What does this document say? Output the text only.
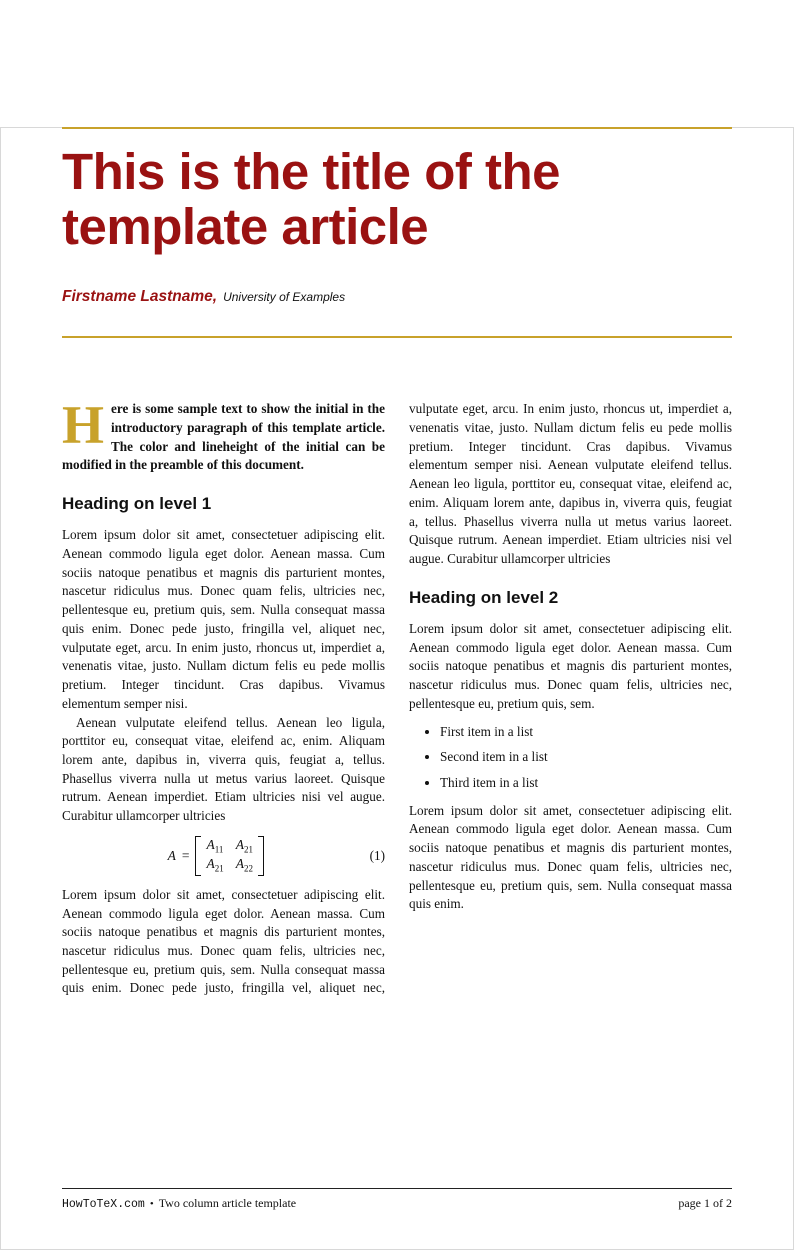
This is the title of the
template article
Firstname Lastname, University of Examples

Here is some sample text to show the initial in the introductory paragraph of this template article. The color and lineheight of the initial can be modified in the preamble of this document.

Heading on level 1

Lorem ipsum dolor sit amet, consectetuer adipiscing elit. Aenean commodo ligula eget dolor. Aenean massa. Cum sociis natoque penatibus et magnis dis parturient montes, nascetur ridiculus mus. Donec quam felis, ultricies nec, pellentesque eu, pretium quis, sem. Nulla consequat massa quis enim. Donec pede justo, fringilla vel, aliquet nec, vulputate eget, arcu. In enim justo, rhoncus ut, imperdiet a, venenatis vitae, justo. Nullam dictum felis eu pede mollis pretium. Integer tincidunt. Cras dapibus. Vivamus elementum semper nisi.

Aenean vulputate eleifend tellus. Aenean leo ligula, porttitor eu, consequat vitae, eleifend ac, enim. Aliquam lorem ante, dapibus in, viverra quis, feugiat a, tellus. Phasellus viverra nulla ut metus varius laoreet. Quisque rutrum. Aenean imperdiet. Etiam ultricies nisi vel augue. Curabitur ullamcorper ultricies

A =
$A_{11}$ $A_{21}$
$A_{21}$ $A_{22}$
(1)

Lorem ipsum dolor sit amet, consectetuer adipiscing elit. Aenean commodo ligula eget dolor. Aenean massa. Cum sociis natoque penatibus et magnis dis parturient montes, nascetur ridiculus mus. Donec quam felis, ultricies nec, pellentesque eu, pretium quis, sem. Nulla consequat massa quis enim. Donec pede justo, fringilla vel, aliquet nec, vulputate eget, arcu. In enim justo, rhoncus ut, imperdiet a, venenatis vitae, justo. Nullam dictum felis eu pede mollis pretium. Integer tincidunt. Cras dapibus. Vivamus elementum semper nisi. Aenean vulputate eleifend tellus. Aenean leo ligula, porttitor eu, consequat vitae, eleifend ac, enim. Aliquam lorem ante, dapibus in, viverra quis, feugiat a, tellus. Phasellus viverra nulla ut metus varius laoreet. Quisque rutrum. Aenean imperdiet. Etiam ultricies nisi vel augue. Curabitur ullamcorper ultricies

Heading on level 2

Lorem ipsum dolor sit amet, consectetuer adipiscing elit. Aenean commodo ligula eget dolor. Aenean massa. Cum sociis natoque penatibus et magnis dis parturient montes, nascetur ridiculus mus. Donec quam felis, ultricies nec, pellentesque eu, pretium quis, sem.

• First item in a list
• Second item in a list
• Third item in a list

Lorem ipsum dolor sit amet, consectetuer adipiscing elit. Aenean commodo ligula eget dolor. Aenean massa. Cum sociis natoque penatibus et magnis dis parturient montes, nascetur ridiculus mus. Donec quam felis, ultricies nec, pellentesque eu, pretium quis, sem. Nulla consequat massa quis enim.

HowToTeX.com • Two column article template	page 1 of 2
